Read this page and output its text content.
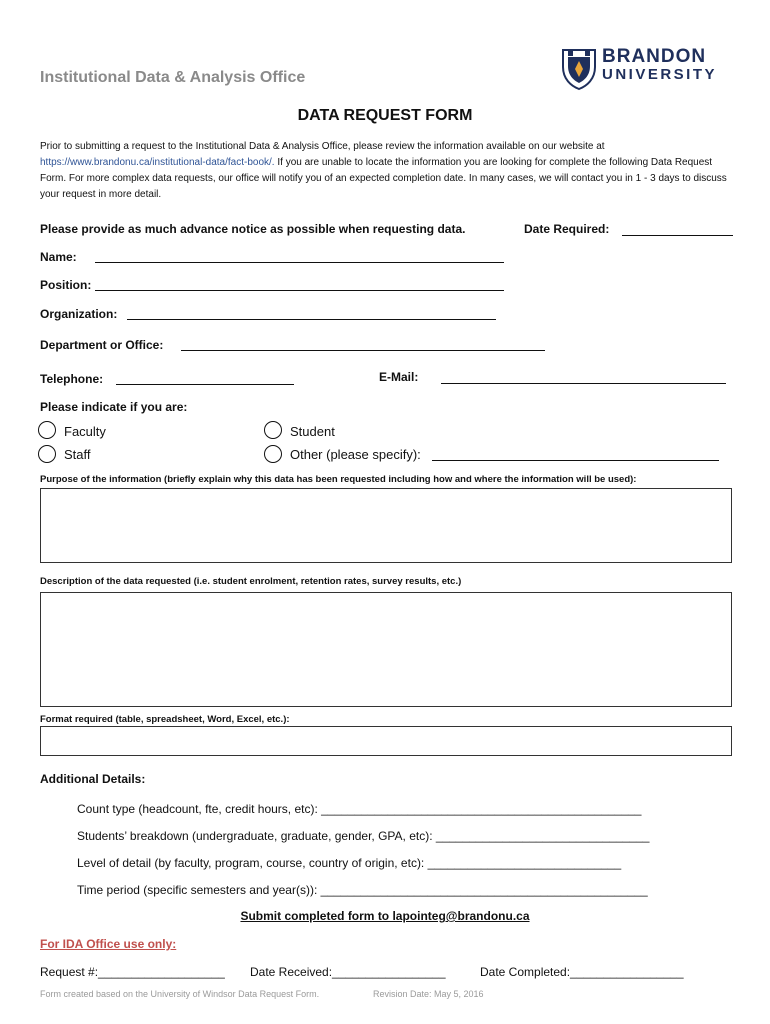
Institutional Data & Analysis Office
BRANDON
UNIVERSITY
DATA REQUEST FORM
Prior to submitting a request to the Institutional Data & Analysis Office, please review the information available on our website at https://www.brandonu.ca/institutional-data/fact-book/. If you are unable to locate the information you are looking for complete the following Data Request Form. For more complex data requests, our office will notify you of an expected completion date. In many cases, we will contact you in 1 - 3 days to discuss your request in more detail.
Please provide as much advance notice as possible when requesting data.	Date Required:
Name:
Position:
Organization:
Department or Office:
Telephone:	E-Mail:
Please indicate if you are:
Faculty
Staff
Student
Other (please specify):
Purpose of the information (briefly explain why this data has been requested including how and where the information will be used):
Description of the data requested (i.e. student enrolment, retention rates, survey results, etc.)
Format required (table, spreadsheet, Word, Excel, etc.):
Additional Details:
Count type (headcount, fte, credit hours, etc): ________________________________________________
Students’ breakdown (undergraduate, graduate, gender, GPA, etc): ________________________________
Level of detail (by faculty, program, course, country of origin, etc): _____________________________
Time period (specific semesters and year(s)): _________________________________________________
Submit completed form to lapointeg@brandonu.ca
For IDA Office use only:
Request #:___________________ Date Received:_________________	Date Completed:_________________
Form created based on the University of Windsor Data Request Form.	Revision Date: May 5, 2016
